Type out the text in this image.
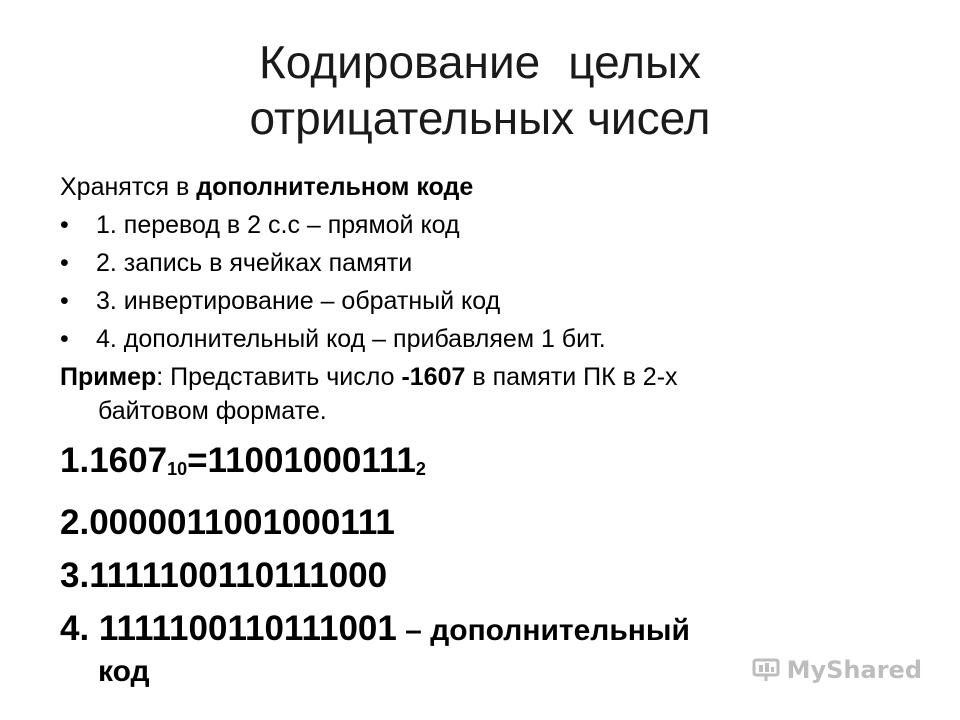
Кодирование целых
отрицательных чисел

Хранятся в дополнительном коде

• 1. перевод в 2 с.с – прямой код
• 2. запись в ячейках памяти
• 3. инвертирование – обратный код
• 4. дополнительный код – прибавляем 1 бит.

Пример: Представить число -1607 в памяти ПК в 2-х
байтовом формате.

$1.1607_{10}=11001000111_2$
2.0000011001000111
3.1111100110111000
4. 1111100110111001 – дополнительный
код	MyShared
